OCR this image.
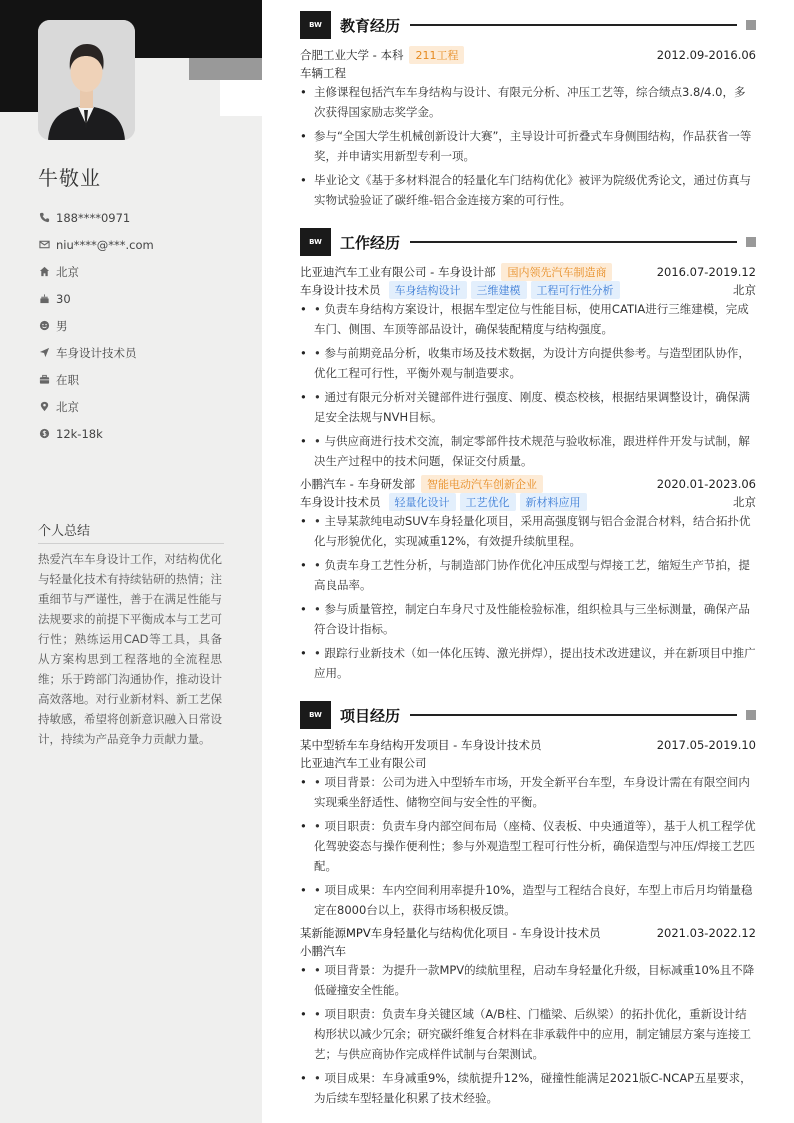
牛敬业
188****0971
niu****@***.com
北京
30
男
车身设计技术员
在职
北京
12k-18k
个人总结
热爱汽车车身设计工作，对结构优化与轻量化技术有持续钻研的热情；注重细节与严谨性，善于在满足性能与法规要求的前提下平衡成本与工艺可行性；熟练运用CAD等工具，具备从方案构思到工程落地的全流程思维；乐于跨部门沟通协作，推动设计高效落地。对行业新材料、新工艺保持敏感，希望将创新意识融入日常设计，持续为产品竞争力贡献力量。
BW	教育经历
合肥工业大学 - 本科	211工程	2012.09-2016.06
车辆工程
• 主修课程包括汽车车身结构与设计、有限元分析、冲压工艺等，综合绩点3.8/4.0，多次获得国家励志奖学金。
• 参与“全国大学生机械创新设计大赛”，主导设计可折叠式车身侧围结构，作品获省一等奖，并申请实用新型专利一项。
• 毕业论文《基于多材料混合的轻量化车门结构优化》被评为院级优秀论文，通过仿真与实物试验验证了碳纤维-铝合金连接方案的可行性。
BW	工作经历
比亚迪汽车工业有限公司 - 车身设计部	国内领先汽车制造商	2016.07-2019.12
车身设计技术员	车身结构设计	三维建模	工程可行性分析	北京
• • 负责车身结构方案设计，根据车型定位与性能目标，使用CATIA进行三维建模，完成车门、侧围、车顶等部品设计，确保装配精度与结构强度。
• • 参与前期竞品分析，收集市场及技术数据，为设计方向提供参考。与造型团队协作，优化工程可行性，平衡外观与制造要求。
• • 通过有限元分析对关键部件进行强度、刚度、模态校核，根据结果调整设计，确保满足安全法规与NVH目标。
• • 与供应商进行技术交流，制定零部件技术规范与验收标准，跟进样件开发与试制，解决生产过程中的技术问题，保证交付质量。
小鹏汽车 - 车身研发部	智能电动汽车创新企业	2020.01-2023.06
车身设计技术员	轻量化设计	工艺优化	新材料应用	北京
• • 主导某款纯电动SUV车身轻量化项目，采用高强度钢与铝合金混合材料，结合拓扑优化与形貌优化，实现减重12%，有效提升续航里程。
• • 负责车身工艺性分析，与制造部门协作优化冲压成型与焊接工艺，缩短生产节拍，提高良品率。
• • 参与质量管控，制定白车身尺寸及性能检验标准，组织检具与三坐标测量，确保产品符合设计指标。
• • 跟踪行业新技术（如一体化压铸、激光拼焊），提出技术改进建议，并在新项目中推广应用。
BW	项目经历
某中型轿车车身结构开发项目 - 车身设计技术员	2017.05-2019.10
比亚迪汽车工业有限公司
• • 项目背景：公司为进入中型轿车市场，开发全新平台车型，车身设计需在有限空间内实现乘坐舒适性、储物空间与安全性的平衡。
• • 项目职责：负责车身内部空间布局（座椅、仪表板、中央通道等），基于人机工程学优化驾驶姿态与操作便利性；参与外观造型工程可行性分析，确保造型与冲压/焊接工艺匹配。
• • 项目成果：车内空间利用率提升10%，造型与工程结合良好，车型上市后月均销量稳定在8000台以上，获得市场积极反馈。
某新能源MPV车身轻量化与结构优化项目 - 车身设计技术员	2021.03-2022.12
小鹏汽车
• • 项目背景：为提升一款MPV的续航里程，启动车身轻量化升级，目标减重10%且不降低碰撞安全性能。
• • 项目职责：负责车身关键区域（A/B柱、门槛梁、后纵梁）的拓扑优化，重新设计结构形状以减少冗余；研究碳纤维复合材料在非承载件中的应用，制定铺层方案与连接工艺；与供应商协作完成样件试制与台架测试。
• • 项目成果：车身减重9%，续航提升12%，碰撞性能满足2021版C-NCAP五星要求，为后续车型轻量化积累了技术经验。
